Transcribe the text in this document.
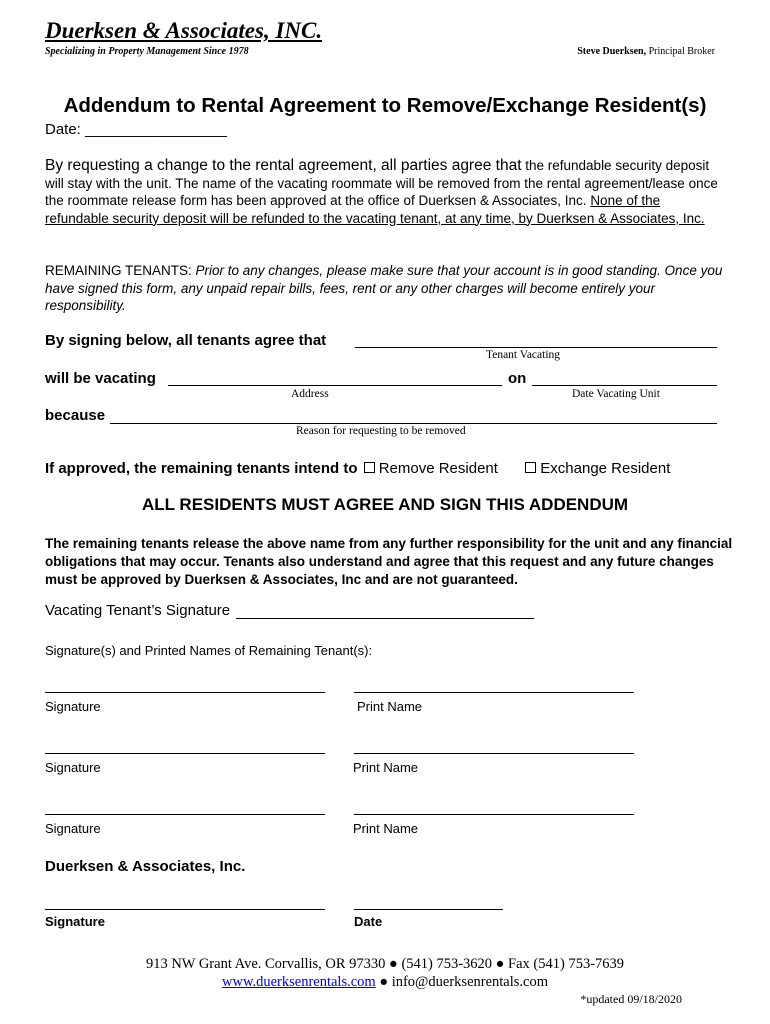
Duerksen & Associates, INC.
Specializing in Property Management Since 1978	Steve Duerksen, Principal Broker
Addendum to Rental Agreement to Remove/Exchange Resident(s)
Date: _________________
By requesting a change to the rental agreement, all parties agree that the refundable security deposit will stay with the unit. The name of the vacating roommate will be removed from the rental agreement/lease once the roommate release form has been approved at the office of Duerksen & Associates, Inc. None of the refundable security deposit will be refunded to the vacating tenant, at any time, by Duerksen & Associates, Inc.
REMAINING TENANTS: Prior to any changes, please make sure that your account is in good standing. Once you have signed this form, any unpaid repair bills, fees, rent or any other charges will become entirely your responsibility.
By signing below, all tenants agree that
Tenant Vacating
will be vacating	on
Address	Date Vacating Unit
because
Reason for requesting to be removed
If approved, the remaining tenants intend to Remove Resident	Exchange Resident
ALL RESIDENTS MUST AGREE AND SIGN THIS ADDENDUM
The remaining tenants release the above name from any further responsibility for the unit and any financial obligations that may occur. Tenants also understand and agree that this request and any future changes must be approved by Duerksen & Associates, Inc and are not guaranteed.
Vacating Tenant’s Signature
Signature(s) and Printed Names of Remaining Tenant(s):
Signature	Print Name
Signature	Print Name
Signature	Print Name
Duerksen & Associates, Inc.
Signature	Date
913 NW Grant Ave. Corvallis, OR 97330 ● (541) 753-3620 ● Fax (541) 753-7639
www.duerksenrentals.com ● info@duerksenrentals.com
*updated 09/18/2020
